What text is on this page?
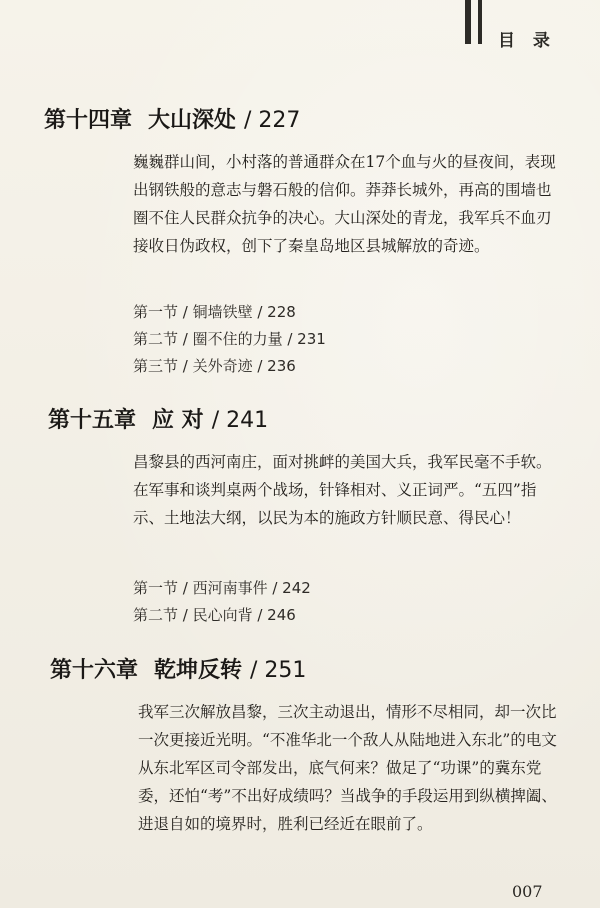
目 录
第十四章 大山深处 / 227
巍巍群山间，小村落的普通群众在17个血与火的昼夜间，表现出钢铁般的意志与磐石般的信仰。莽莽长城外，再高的围墙也圈不住人民群众抗争的决心。大山深处的青龙，我军兵不血刃接收日伪政权，创下了秦皇岛地区县城解放的奇迹。
第一节 / 铜墙铁壁 / 228
第二节 / 圈不住的力量 / 231
第三节 / 关外奇迹 / 236
第十五章 应 对 / 241
昌黎县的西河南庄，面对挑衅的美国大兵，我军民毫不手软。在军事和谈判桌两个战场，针锋相对、义正词严。“五四”指示、土地法大纲，以民为本的施政方针顺民意、得民心！
第一节 / 西河南事件 / 242
第二节 / 民心向背 / 246
第十六章 乾坤反转 / 251
我军三次解放昌黎，三次主动退出，情形不尽相同，却一次比一次更接近光明。“不准华北一个敌人从陆地进入东北”的电文从东北军区司令部发出，底气何来？做足了“功课”的冀东党委，还怕“考”不出好成绩吗？当战争的手段运用到纵横捭阖、进退自如的境界时，胜利已经近在眼前了。
007
